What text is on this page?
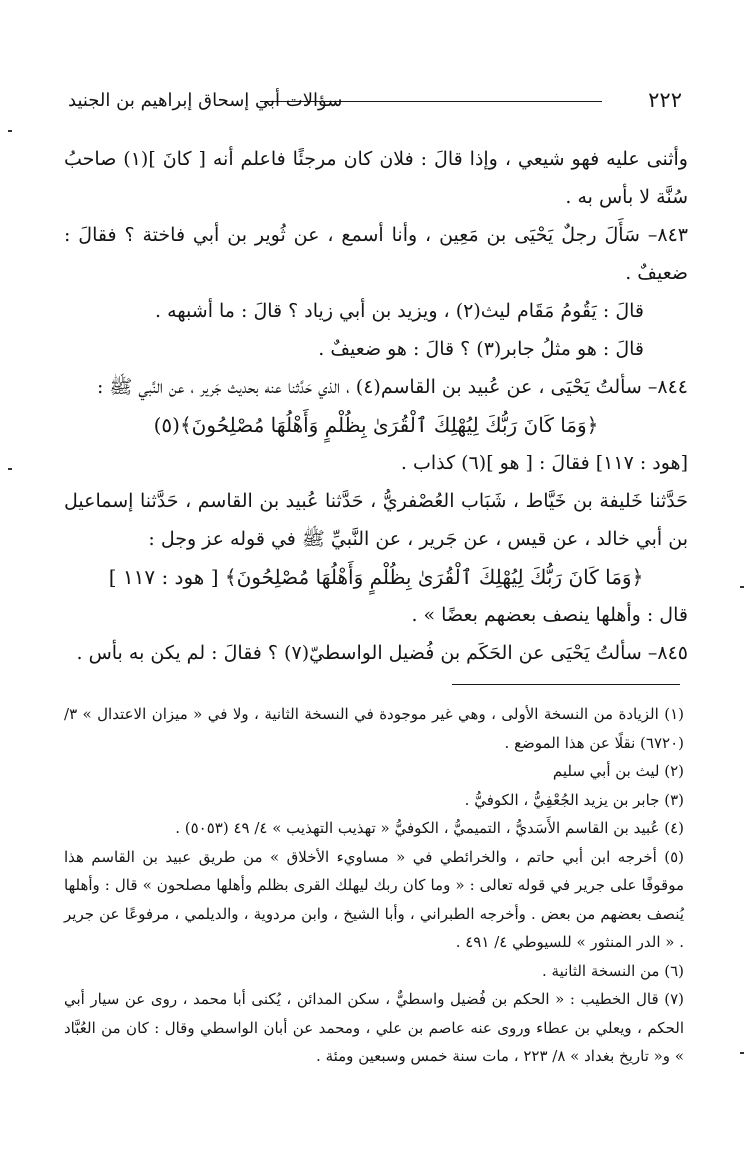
٢٢٢
سؤالات أبي إسحاق إبراهيم بن الجنيد

وأثنى عليه فهو شيعي ، وإذا قالَ : فلان كان مرجئًا فاعلم أنه [ كانَ ](١) صاحبُ سُنَّة لا بأس به .

٨٤٣– سَأَلَ رجلٌ يَحْيَى بن مَعِين ، وأنا أسمع ، عن ثُوير بن أبي فاختة ؟ فقالَ : ضعيفٌ .

قالَ : يَقُومُ مَقَام ليث(٢) ، ويزيد بن أبي زياد ؟ قالَ : ما أشبهه .

قالَ : هو مثلُ جابر(٣) ؟ قالَ : هو ضعيفٌ .

٨٤٤– سألتُ يَحْيَى ، عن عُبيد بن القاسم(٤) ، الذي حَدَّثنا عنه بحديث جَرير ، عن النَّبي ﷺ :

﴿وَمَا كَانَ رَبُّكَ لِيُهْلِكَ ٱلْقُرَىٰ بِظُلْمٍ وَأَهْلُهَا مُصْلِحُونَ﴾(٥)

[هود : ١١٧] فقالَ : [ هو ](٦) كذاب .

حَدَّثنا خَليفة بن خَيَّاط ، شَبَاب العُصْفريُّ ، حَدَّثنا عُبيد بن القاسم ، حَدَّثنا إسماعيل بن أبي خالد ، عن قيس ، عن جَرير ، عن النَّبيِّ ﷺ في قوله عز وجل :

﴿وَمَا كَانَ رَبُّكَ لِيُهْلِكَ ٱلْقُرَىٰ بِظُلْمٍ وَأَهْلُهَا مُصْلِحُونَ﴾ [ هود : ١١٧ ]

قال : وأهلها ينصف بعضهم بعضًا » .

٨٤٥– سألتُ يَحْيَى عن الحَكَم بن فُضيل الواسطيّ(٧) ؟ فقالَ : لم يكن به بأس .

(١) الزيادة من النسخة الأولى ، وهي غير موجودة في النسخة الثانية ، ولا في « ميزان الاعتدال » ٣/ (٦٧٢٠) نقلًا عن هذا الموضع .

(٢) ليث بن أبي سليم

(٣) جابر بن يزيد الجُعْفِيُّ ، الكوفيُّ .

(٤) عُبيد بن القاسم الأَسَديُّ ، التميميُّ ، الكوفيُّ « تهذيب التهذيب » ٤/ ٤٩ (٥٠٥٣) .

(٥) أخرجه ابن أبي حاتم ، والخرائطي في « مساويء الأخلاق » من طريق عبيد بن القاسم هذا موقوفًا على جرير في قوله تعالى : « وما كان ربك ليهلك القرى بظلم وأهلها مصلحون » قال : وأهلها يُنصف بعضهم من بعض . وأخرجه الطبراني ، وأبا الشيخ ، وابن مردوية ، والديلمي ، مرفوعًا عن جرير . « الدر المنثور » للسيوطي ٤/ ٤٩١ .

(٦) من النسخة الثانية .

(٧) قال الخطيب : « الحكم بن فُضيل واسطيٌّ ، سكن المدائن ، يُكنى أبا محمد ، روى عن سيار أبي الحكم ، ويعلي بن عطاء وروى عنه عاصم بن علي ، ومحمد عن أبان الواسطي وقال : كان من العُبَّاد » و« تاريخ بغداد » ٨/ ٢٢٣ ، مات سنة خمس وسبعين ومئة .
